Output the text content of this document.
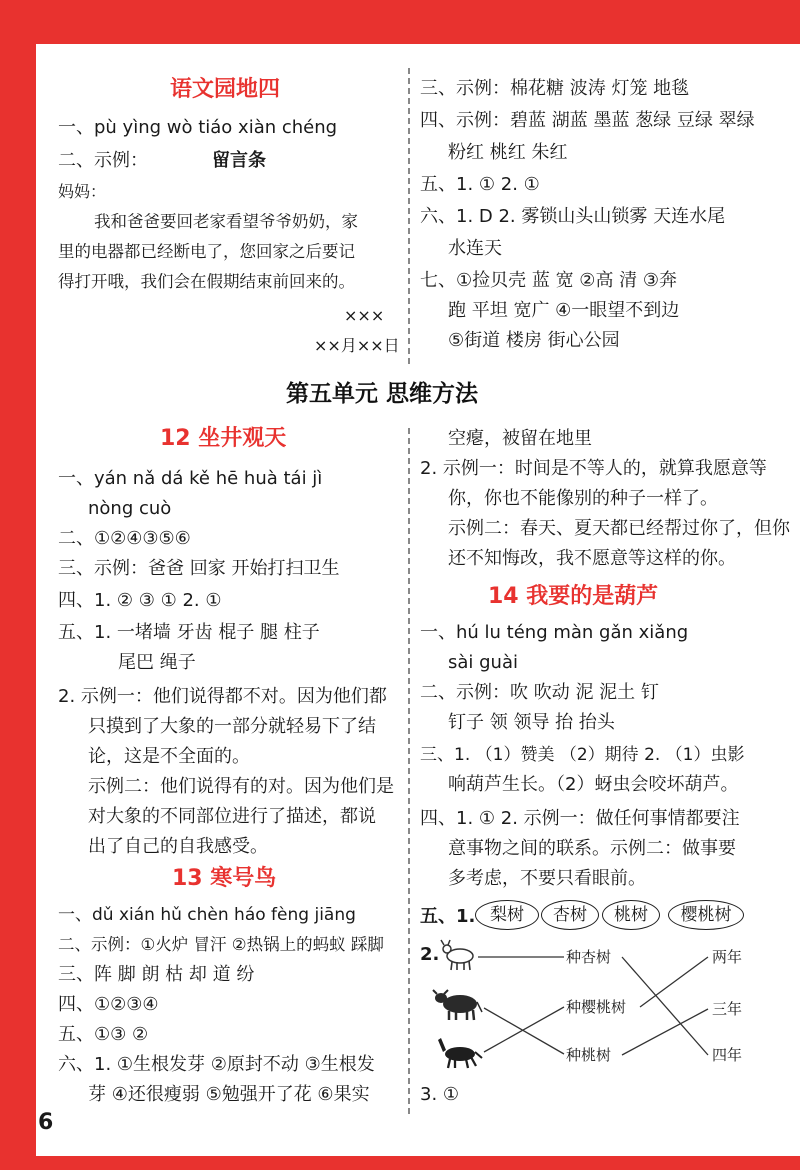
语文园地四
一、pù yìng wò tiáo xiàn chéng
二、示例：	留言条
妈妈：
我和爸爸要回老家看望爷爷奶奶，家
里的电器都已经断电了，您回家之后要记
得打开哦，我们会在假期结束前回来的。
×××
××月××日
三、示例：棉花糖 波涛 灯笼 地毯
四、示例：碧蓝 湖蓝 墨蓝 葱绿 豆绿 翠绿
粉红 桃红 朱红
五、1. ① 2. ①
六、1. D 2. 雾锁山头山锁雾 天连水尾
水连天
七、①捡贝壳 蓝 宽 ②高 清 ③奔
跑 平坦 宽广 ④一眼望不到边
⑤街道 楼房 街心公园
第五单元 思维方法
12 坐井观天
一、yán nǎ dá kě hē huà tái jì
nòng cuò
二、①②④③⑤⑥
三、示例：爸爸 回家 开始打扫卫生
四、1. ② ③ ① 2. ①
五、1. 一堵墙 牙齿 棍子 腿 柱子
尾巴 绳子
2. 示例一：他们说得都不对。因为他们都
只摸到了大象的一部分就轻易下了结
论，这是不全面的。
示例二：他们说得有的对。因为他们是
对大象的不同部位进行了描述，都说
出了自己的自我感受。
13 寒号鸟
一、dǔ xián hǔ chèn háo fèng jiāng
二、示例：①火炉 冒汗 ②热锅上的蚂蚁 踩脚
三、阵 脚 朗 枯 却 道 纷
四、①②③④
五、①③ ②
六、1. ①生根发芽 ②原封不动 ③生根发
芽 ④还很瘦弱 ⑤勉强开了花 ⑥果实
空瘪，被留在地里
2. 示例一：时间是不等人的，就算我愿意等
你，你也不能像别的种子一样了。
示例二：春天、夏天都已经帮过你了，但你
还不知悔改，我不愿意等这样的你。
14 我要的是葫芦
一、hú lu téng màn gǎn xiǎng
sài guài
二、示例：吹 吹动 泥 泥土 钉
钉子 领 领导 抬 抬头
三、1. （1）赞美 （2）期待 2. （1）虫影
响葫芦生长。（2）蚜虫会咬坏葫芦。
四、1. ① 2. 示例一：做任何事情都要注
意事物之间的联系。示例二：做事要
多考虑，不要只看眼前。
五、1. 梨树	杏树	桃树	樱桃树
2.	种杏树
种樱桃树
种桃树
两年
三年
四年
3. ①
6
